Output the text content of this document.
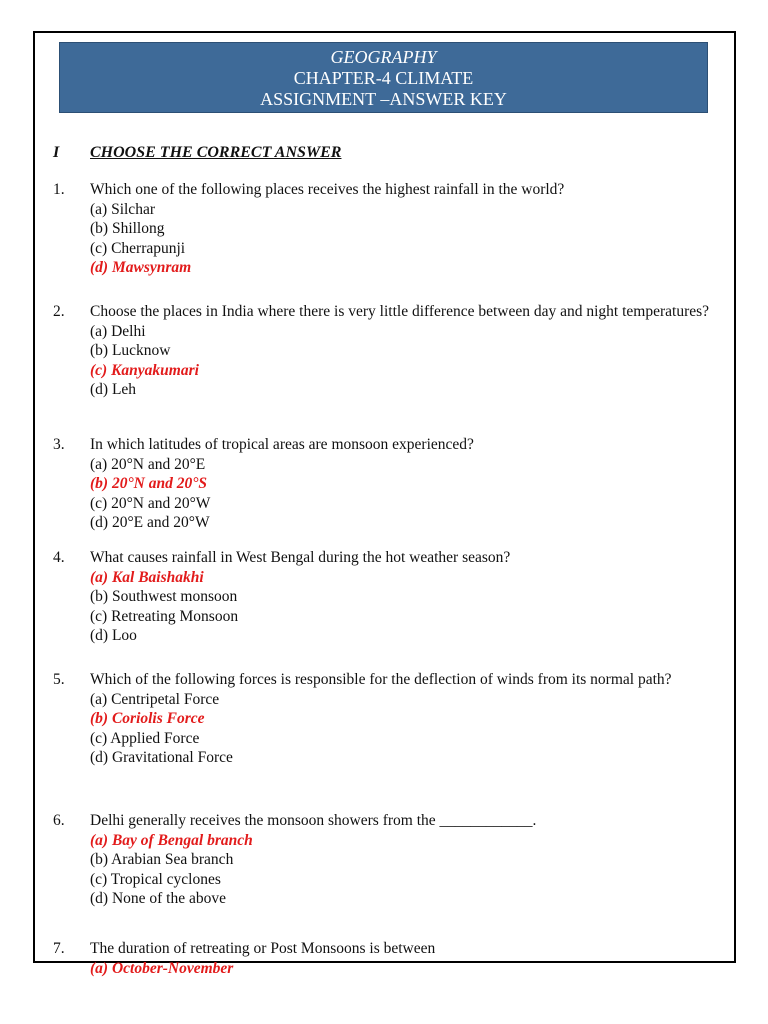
GEOGRAPHY
CHAPTER-4 CLIMATE
ASSIGNMENT –ANSWER KEY
I CHOOSE THE CORRECT ANSWER
1.	Which one of the following places receives the highest rainfall in the world?
(a) Silchar
(b) Shillong
(c) Cherrapunji
(d) Mawsynram
2.	Choose the places in India where there is very little difference between day and night temperatures?
(a) Delhi
(b) Lucknow
(c) Kanyakumari
(d) Leh
3.	In which latitudes of tropical areas are monsoon experienced?
(a) 20°N and 20°E
(b) 20°N and 20°S
(c) 20°N and 20°W
(d) 20°E and 20°W
4.	What causes rainfall in West Bengal during the hot weather season?
(a) Kal Baishakhi
(b) Southwest monsoon
(c) Retreating Monsoon
(d) Loo
5.	Which of the following forces is responsible for the deflection of winds from its normal path?
(a) Centripetal Force
(b) Coriolis Force
(c) Applied Force
(d) Gravitational Force
6.	Delhi generally receives the monsoon showers from the ____________.
(a) Bay of Bengal branch
(b) Arabian Sea branch
(c) Tropical cyclones
(d) None of the above
7.	The duration of retreating or Post Monsoons is between
(a) October-November
